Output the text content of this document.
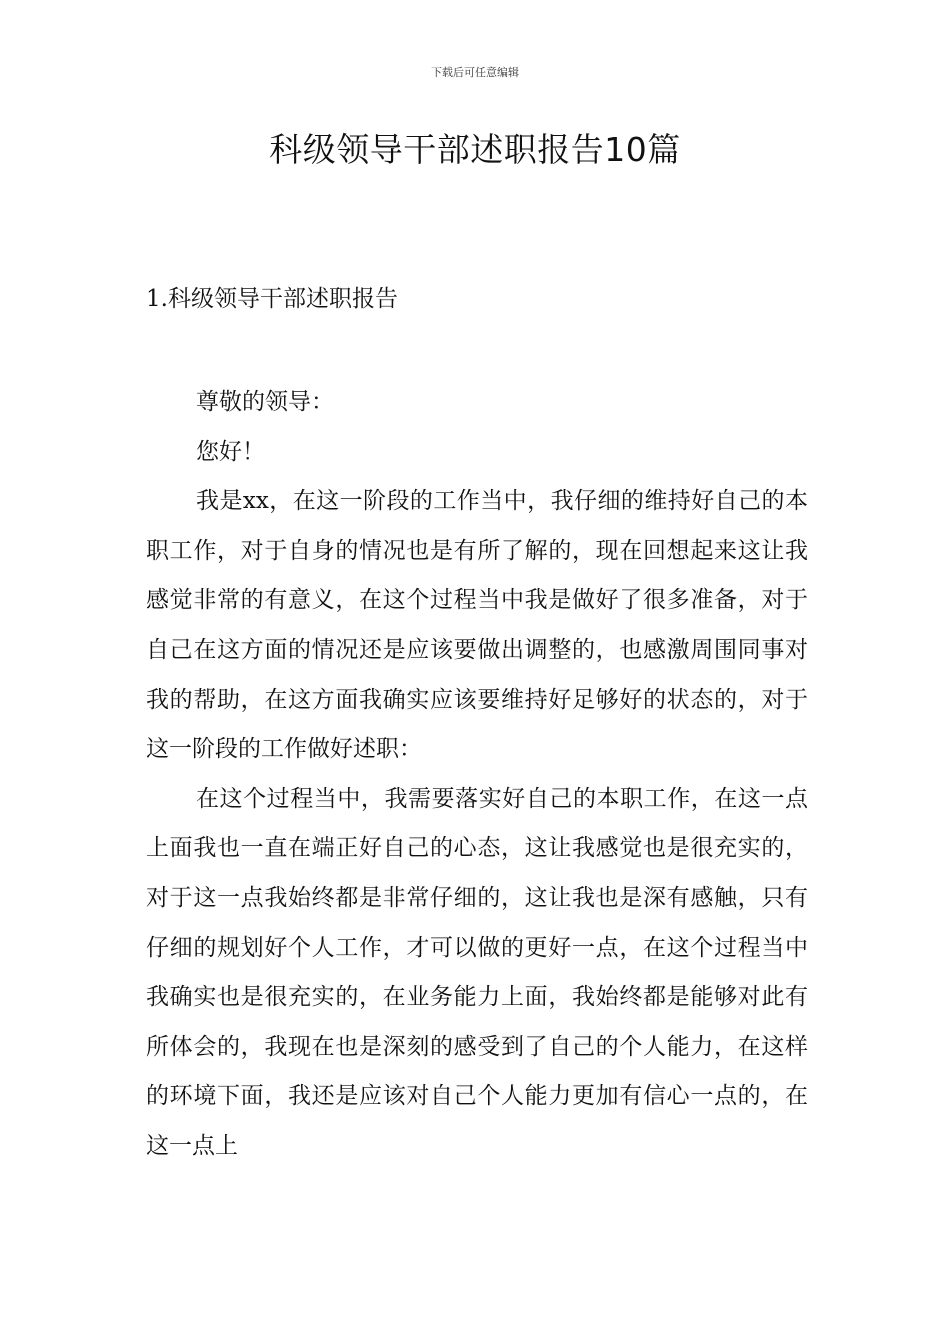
下载后可任意编辑
科级领导干部述职报告10篇
1.科级领导干部述职报告

尊敬的领导：

您好！

我是xx，在这一阶段的工作当中，我仔细的维持好自己的本职工作，对于自身的情况也是有所了解的，现在回想起来这让我感觉非常的有意义，在这个过程当中我是做好了很多准备，对于自己在这方面的情况还是应该要做出调整的，也感激周围同事对我的帮助，在这方面我确实应该要维持好足够好的状态的，对于这一阶段的工作做好述职：

在这个过程当中，我需要落实好自己的本职工作，在这一点上面我也一直在端正好自己的心态，这让我感觉也是很充实的，对于这一点我始终都是非常仔细的，这让我也是深有感触，只有仔细的规划好个人工作，才可以做的更好一点，在这个过程当中我确实也是很充实的，在业务能力上面，我始终都是能够对此有所体会的，我现在也是深刻的感受到了自己的个人能力，在这样的环境下面，我还是应该对自己个人能力更加有信心一点的，在这一点上
